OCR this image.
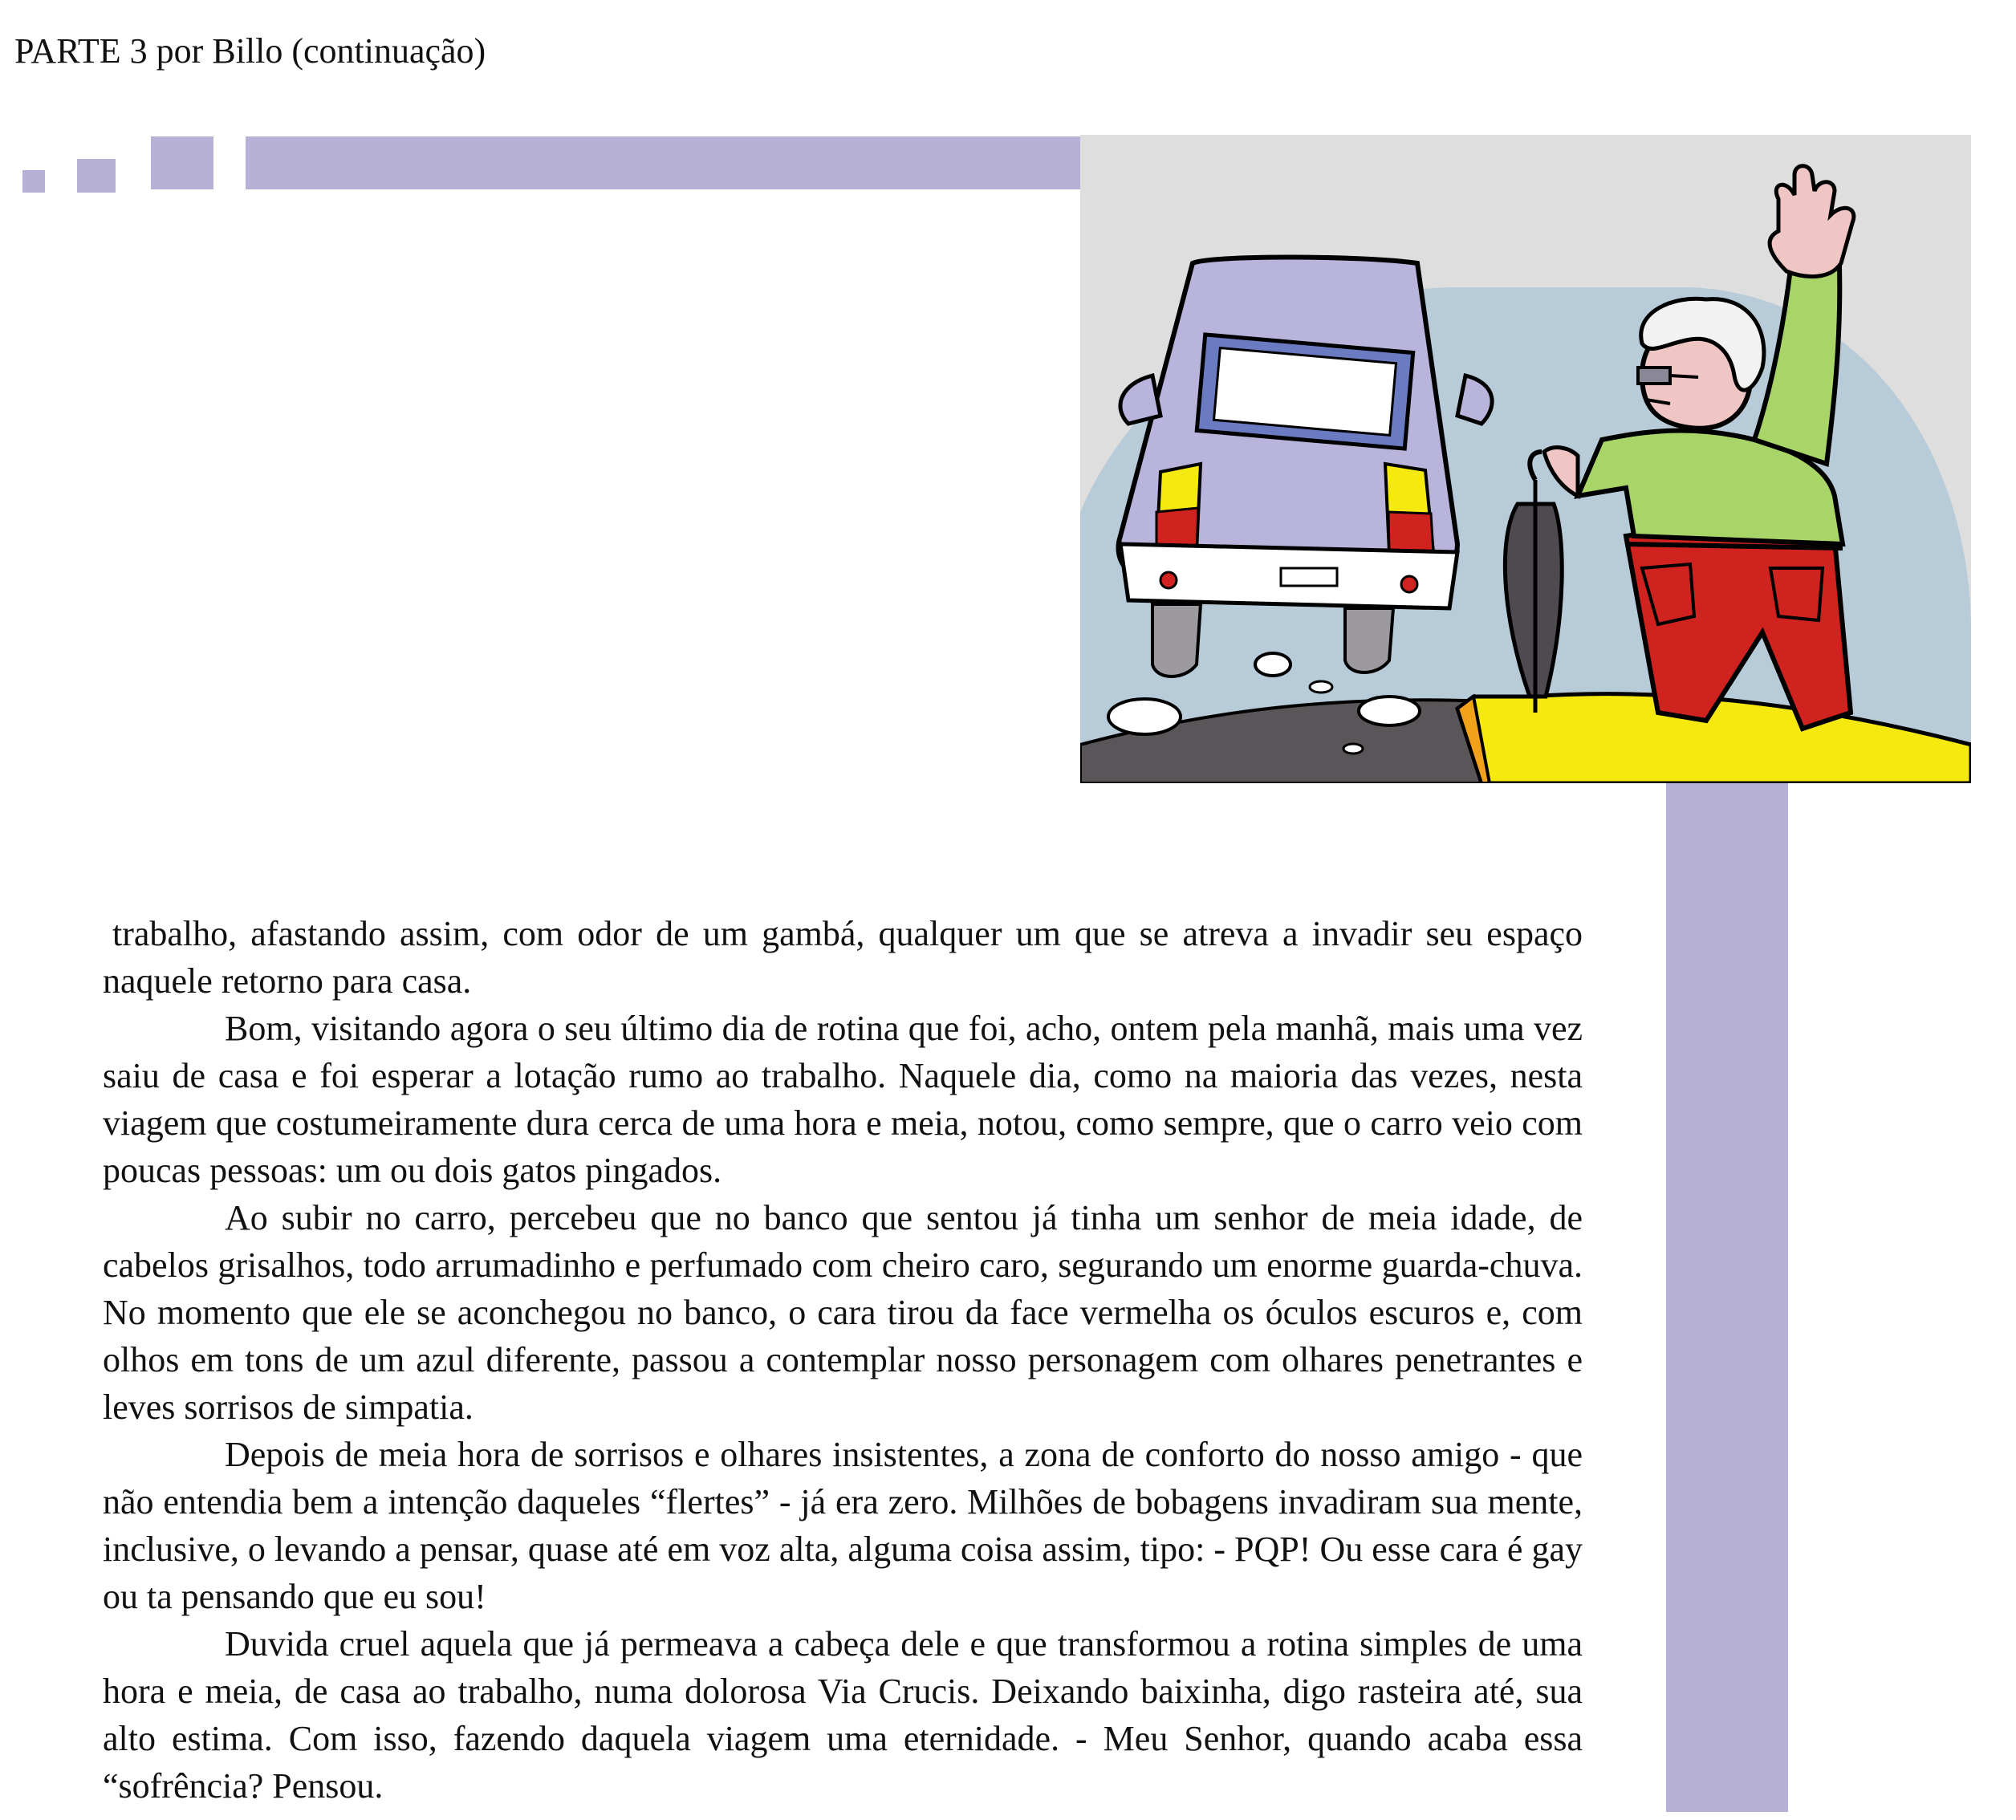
PARTE 3 por Billo (continuação)

trabalho, afastando assim, com odor de um gambá, qualquer um que se atreva a invadir seu espaço naquele retorno para casa.

Bom, visitando agora o seu último dia de rotina que foi, acho, ontem pela manhã, mais uma vez saiu de casa e foi esperar a lotação rumo ao trabalho. Naquele dia, como na maioria das vezes, nesta viagem que costumeiramente dura cerca de uma hora e meia, notou, como sempre, que o carro veio com poucas pessoas: um ou dois gatos pingados.

Ao subir no carro, percebeu que no banco que sentou já tinha um senhor de meia idade, de cabelos grisalhos, todo arrumadinho e perfumado com cheiro caro, segurando um enorme guarda-chuva. No momento que ele se aconchegou no banco, o cara tirou da face vermelha os óculos escuros e, com olhos em tons de um azul diferente, passou a contemplar nosso personagem com olhares penetrantes e leves sorrisos de simpatia.

Depois de meia hora de sorrisos e olhares insistentes, a zona de conforto do nosso amigo - que não entendia bem a intenção daqueles “flertes” - já era zero. Milhões de bobagens invadiram sua mente, inclusive, o levando a pensar, quase até em voz alta, alguma coisa assim, tipo: - PQP! Ou esse cara é gay ou ta pensando que eu sou!

Duvida cruel aquela que já permeava a cabeça dele e que transformou a rotina simples de uma hora e meia, de casa ao trabalho, numa dolorosa Via Crucis. Deixando baixinha, digo rasteira até, sua alto estima. Com isso, fazendo daquela viagem uma eternidade. - Meu Senhor, quando acaba essa “sofrência? Pensou.
